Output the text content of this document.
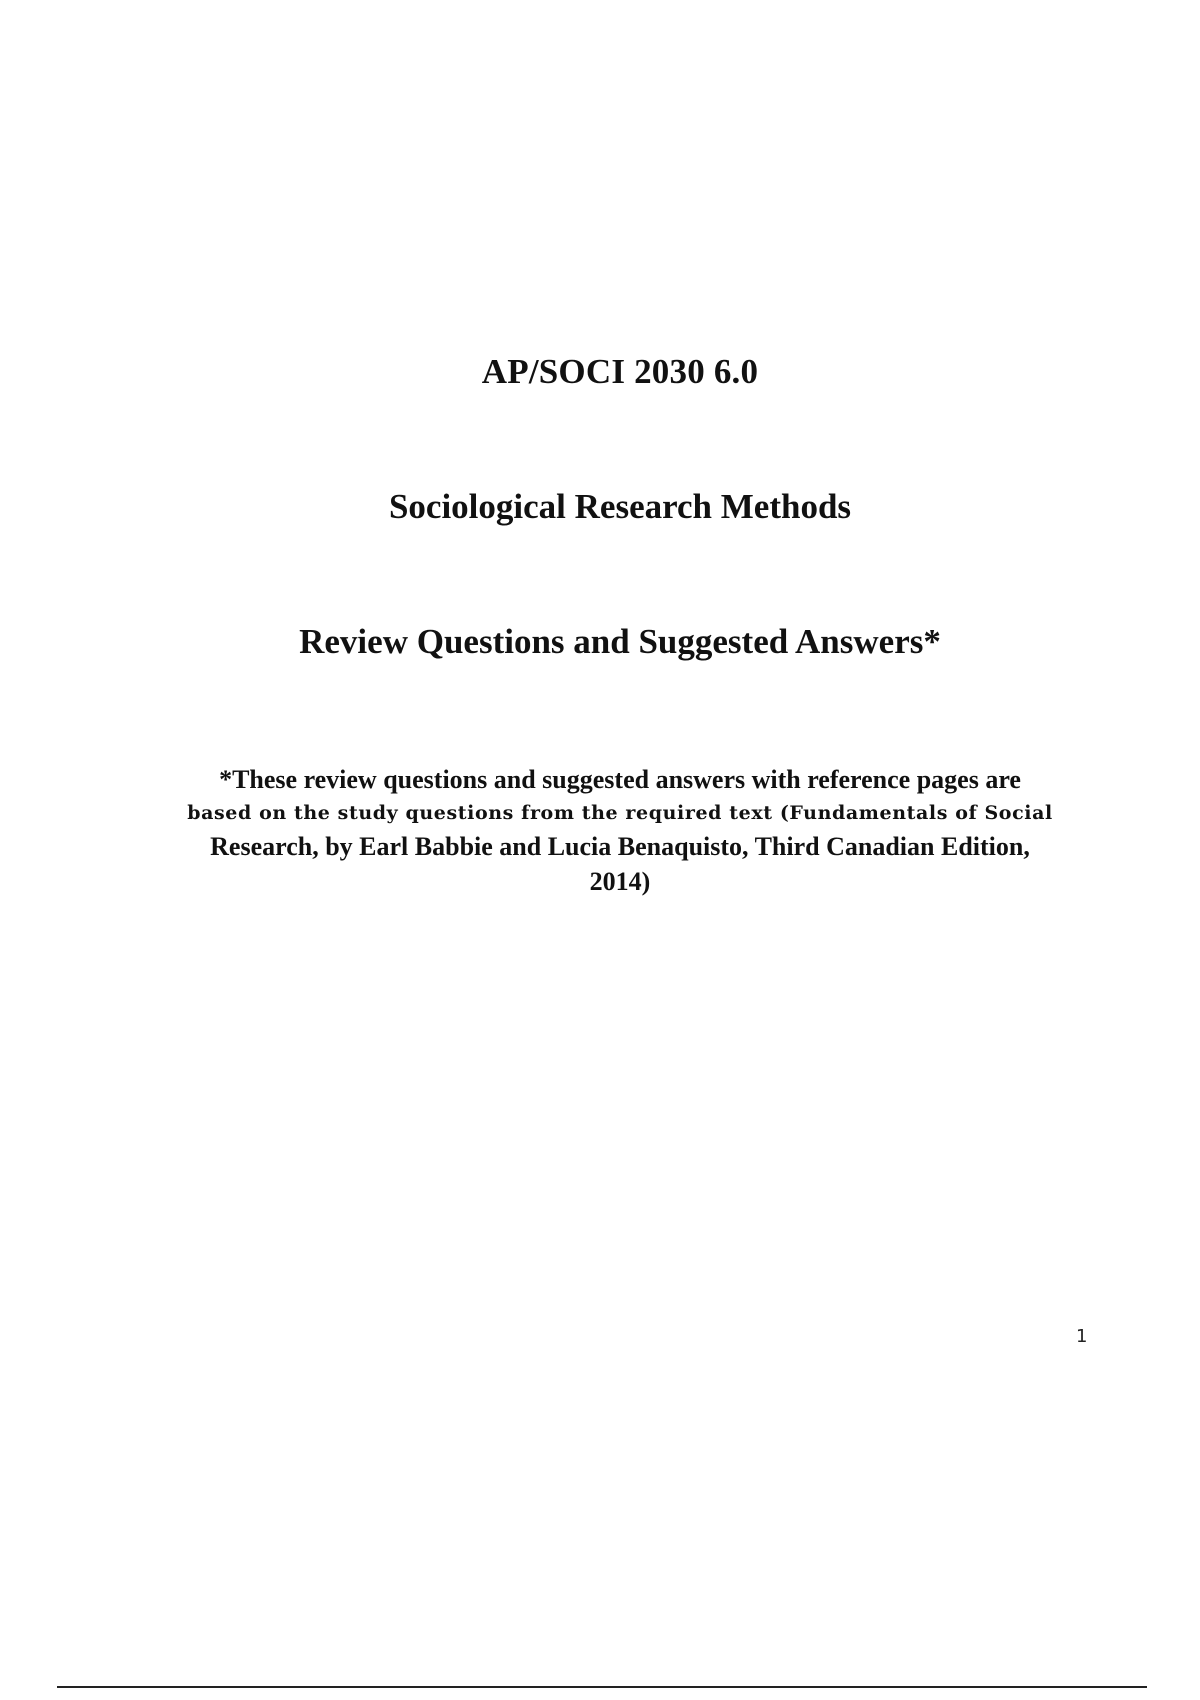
AP/SOCI 2030 6.0
Sociological Research Methods
Review Questions and Suggested Answers*
*These review questions and suggested answers with reference pages are
based on the study questions from the required text (Fundamentals of Social
Research, by Earl Babbie and Lucia Benaquisto, Third Canadian Edition,
2014)
1
